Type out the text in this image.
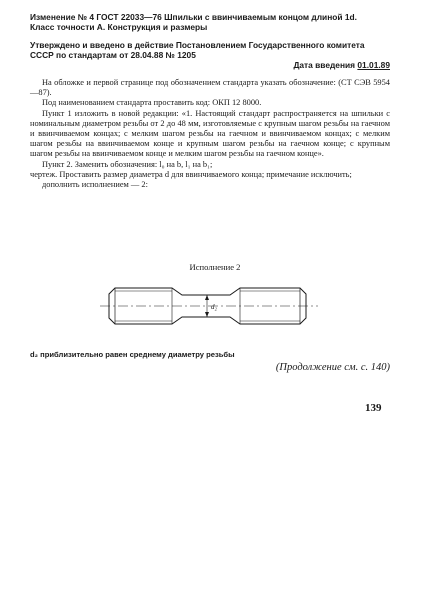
Изменение № 4 ГОСТ 22033—76 Шпильки с ввинчиваемым концом длиной 1d.

Класс точности А. Конструкция и размеры

Утверждено и введено в действие Постановлением Государственного комитета

СССР по стандартам от 28.04.88 № 1205

Дата введения 01.01.89

На обложке и первой странице под обозначением стандарта указать обозначение: (СТ СЭВ 5954—87).

Под наименованием стандарта проставить код: ОКП 12 8000.

Пункт 1 изложить в новой редакции: «1. Настоящий стандарт распространяется на шпильки с номинальным диаметром резьбы от 2 до 48 мм, изготовляемые с крупным шагом резьбы на гаечном и ввинчиваемом концах; с мелким шагом резьбы на гаечном и ввинчиваемом концах; с мелким шагом резьбы на ввинчиваемом конце и крупным шагом резьбы на гаечном конце; с крупным шагом резьбы на ввинчиваемом конце и мелким шагом резьбы на гаечном конце».

Пункт 2. Заменить обозначения: l₀ на b, l₁ на b₁;

чертеж. Проставить размер диаметра d для ввинчиваемого конца; примечание исключить;

дополнить исполнением — 2:

Исполнение 2
d₂
d₂ приблизительно равен среднему диаметру резьбы
(Продолжение см. с. 140)
139
